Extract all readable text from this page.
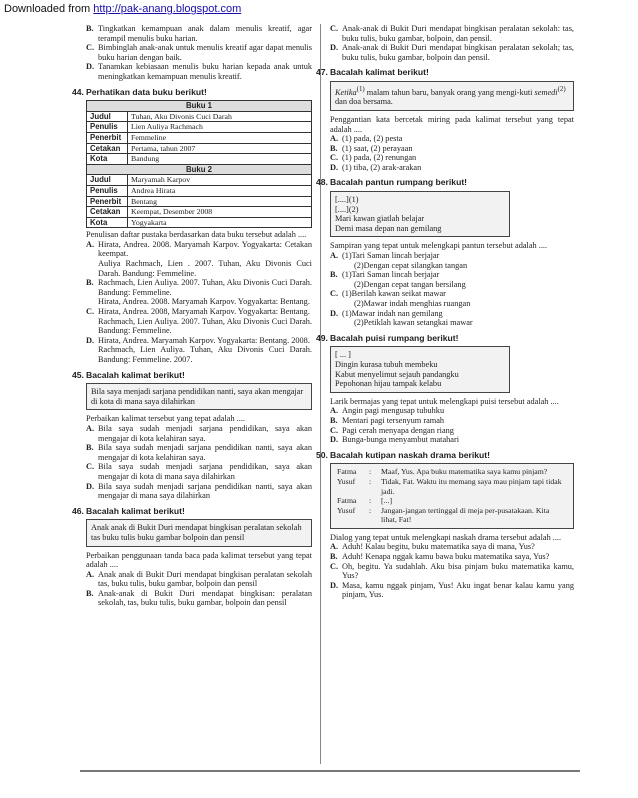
Downloaded from http://pak-anang.blogspot.com
B. Tingkatkan kemampuan anak dalam menulis kreatif, agar terampil menulis buku harian.
C. Bimbinglah anak-anak untuk menulis kreatif agar dapat menulis buku harian dengan baik.
D. Tanamkan kebiasaan menulis buku harian kepada anak untuk meningkatkan kemampuan menulis kreatif.
44. Perhatikan data buku berikut!
Buku 1	
Judul	Tuhan, Aku Divonis Cuci Darah
Penulis	Lien Auliya Rachmach
Penerbit	Femmeline
Cetakan	Pertama, tahun 2007
Kota	Bandung
Buku 2	
Judul	Maryamah Karpov
Penulis	Andrea Hirata
Penerbit	Bentang
Cetakan	Keempat, Desember 2008
Kota	Yogyakarta
Penulisan daftar pustaka berdasarkan data buku tersebut adalah ....
A. Hirata, Andrea. 2008. Maryamah Karpov. Yogyakarta: Cetakan keempat.
Auliya Rachmach, Lien . 2007. Tuhan, Aku Divonis Cuci Darah. Bandung: Femmeline.
B. Rachmach, Lien Auliya. 2007. Tuhan, Aku Divonis Cuci Darah. Bandung: Femmeline.
Hirata, Andrea. 2008. Maryamah Karpov. Yogyakarta: Bentang.
C. Hirata, Andrea. 2008, Maryamah Karpov. Yogyakarta: Bentang.
Rachmach, Lien Auliya. 2007. Tuhan, Aku Divonis Cuci Darah. Bandung: Femmeline.
D. Hirata, Andrea. Maryamah Karpov. Yogyakarta: Bentang. 2008.
Rachmach, Lien Auliya. Tuhan, Aku Divonis Cuci Darah. Bandung: Femmeline. 2007.
45. Bacalah kalimat berikut!
Bila saya menjadi sarjana pendidikan nanti, saya akan mengajar di kota di mana saya dilahirkan
Perbaikan kalimat tersebut yang tepat adalah ....
A. Bila saya sudah menjadi sarjana pendidikan, saya akan mengajar di kota kelahiran saya.
B. Bila saya sudah menjadi sarjana pendidikan nanti, saya akan mengajar di kota kelahiran saya.
C. Bila saya sudah menjadi sarjana pendidikan, saya akan mengajar di kota di mana saya dilahirkan
D. Bila saya sudah menjadi sarjana pendidikan nanti, saya akan mengajar di mana saya dilahirkan
46. Bacalah kalimat berikut!
Anak anak di Bukit Duri mendapat bingkisan peralatan sekolah tas buku tulis buku gambar bolpoin dan pensil
Perbaikan penggunaan tanda baca pada kalimat tersebut yang tepat adalah ....
A. Anak anak di Bukit Duri mendapat bingkisan peralatan sekolah tas, buku tulis, buku gambar, bolpoin dan pensil
B. Anak-anak di Bukit Duri mendapat bingkisan: peralatan sekolah, tas, buku tulis, buku gambar, bolpoin dan pensil
C. Anak-anak di Bukit Duri mendapat bingkisan peralatan sekolah: tas, buku tulis, buku gambar, bolpoin, dan pensil.
D. Anak-anak di Bukit Duri mendapat bingkisan peralatan sekolah; tas, buku tulis, buku gambar, bolpoin dan pensil.
47. Bacalah kalimat berikut!
Ketika$^{(1)}$ malam tahun baru, banyak orang yang mengi-kuti semedi$^{(2)}$ dan doa bersama.
Penggantian kata bercetak miring pada kalimat tersebut yang tepat adalah ....
A. (1) pada, (2) pesta
B. (1) saat, (2) perayaan
C. (1) pada, (2) renungan
D. (1) tiba, (2) arak-arakan
48. Bacalah pantun rumpang berikut!
[....](1)
[....](2)
Mari kawan giatlah belajar
Demi masa depan nan gemilang
Sampiran yang tepat untuk melengkapi pantun tersebut adalah ....
A. (1)Tari Saman lincah berjajar
(2)Dengan cepat silangkan tangan
B. (1)Tari Saman lincah berjajar
(2)Dengan cepat tangan bersilang
C. (1)Berilah kawan seikat mawar
(2)Mawar indah menghias ruangan
D. (1)Mawar indah nan gemilang
(2)Petiklah kawan setangkai mawar
49. Bacalah puisi rumpang berikut!
[ ... ]
Dingin kurasa tubuh membeku
Kabut menyelimut sejauh pandangku
Pepohonan hijau tampak kelabu
Larik bermajas yang tepat untuk melengkapi puisi tersebut adalah ....
A. Angin pagi mengusap tubuhku
B. Mentari pagi tersenyum ramah
C. Pagi cerah menyapa dengan riang
D. Bunga-bunga menyambut matahari
50. Bacalah kutipan naskah drama berikut!
Fatma	:	Maaf, Yus. Apa buku matematika saya kamu pinjam?
Yusuf	:	Tidak, Fat. Waktu itu memang saya mau pinjam tapi tidak jadi.
Fatma	:	[...]
Yusuf	:	Jangan-jangan tertinggal di meja per-pusatakaan. Kita lihat, Fat!
Dialog yang tepat untuk melengkapi naskah drama tersebut adalah ....
A. Aduh! Kalau begitu, buku matematika saya di mana, Yus?
B. Aduh! Kenapa nggak kamu bawa buku matematika saya, Yus?
C. Oh, begitu. Ya sudahlah. Aku bisa pinjam buku matematika kamu, Yus?
D. Masa, kamu nggak pinjam, Yus! Aku ingat benar kalau kamu yang pinjam, Yus.
